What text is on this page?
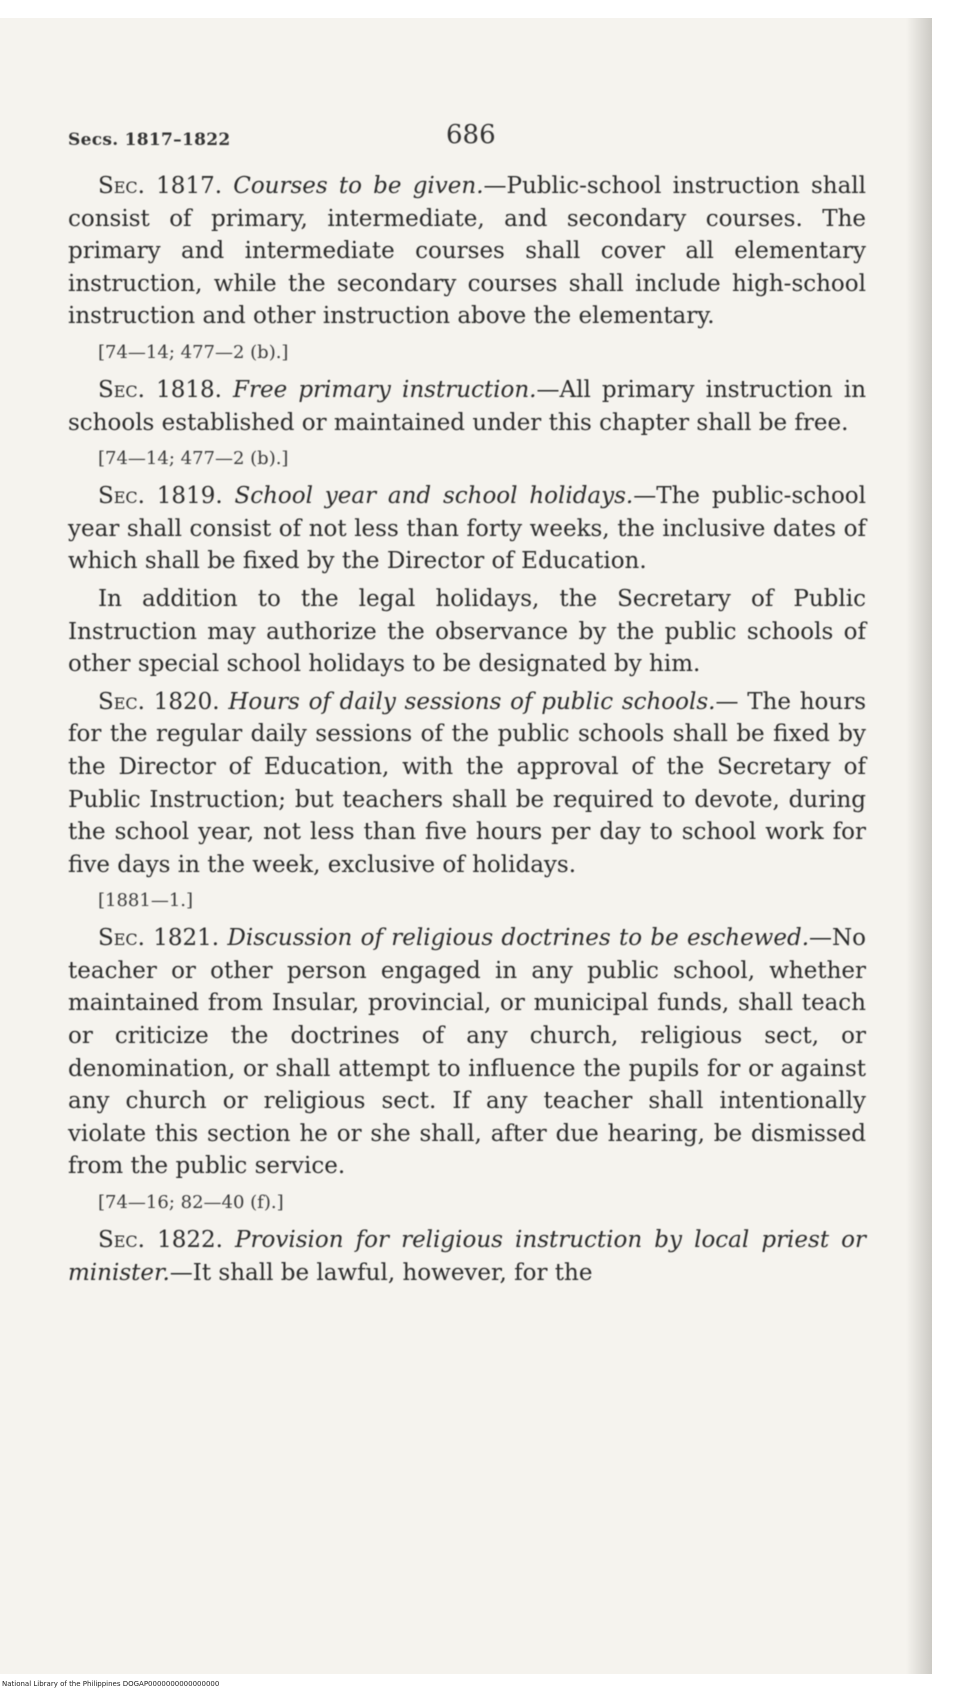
Secs. 1817–1822	686

Sec. 1817. Courses to be given.—Public-school instruction shall consist of primary, intermediate, and secondary courses. The primary and intermediate courses shall cover all elementary instruction, while the secondary courses shall include high-school instruction and other instruction above the elementary.

[74—14; 477—2 (b).]

Sec. 1818. Free primary instruction.—All primary instruction in schools established or maintained under this chapter shall be free.

[74—14; 477—2 (b).]

Sec. 1819. School year and school holidays.—The public-school year shall consist of not less than forty weeks, the inclusive dates of which shall be fixed by the Director of Education.

In addition to the legal holidays, the Secretary of Public Instruction may authorize the observance by the public schools of other special school holidays to be designated by him.

Sec. 1820. Hours of daily sessions of public schools.— The hours for the regular daily sessions of the public schools shall be fixed by the Director of Education, with the approval of the Secretary of Public Instruction; but teachers shall be required to devote, during the school year, not less than five hours per day to school work for five days in the week, exclusive of holidays.

[1881—1.]

Sec. 1821. Discussion of religious doctrines to be eschewed.—No teacher or other person engaged in any public school, whether maintained from Insular, provincial, or municipal funds, shall teach or criticize the doctrines of any church, religious sect, or denomination, or shall attempt to influence the pupils for or against any church or religious sect. If any teacher shall intentionally violate this section he or she shall, after due hearing, be dismissed from the public service.

[74—16; 82—40 (f).]

Sec. 1822. Provision for religious instruction by local priest or minister.—It shall be lawful, however, for the

National Library of the Philippines DOGAP0000000000000000
